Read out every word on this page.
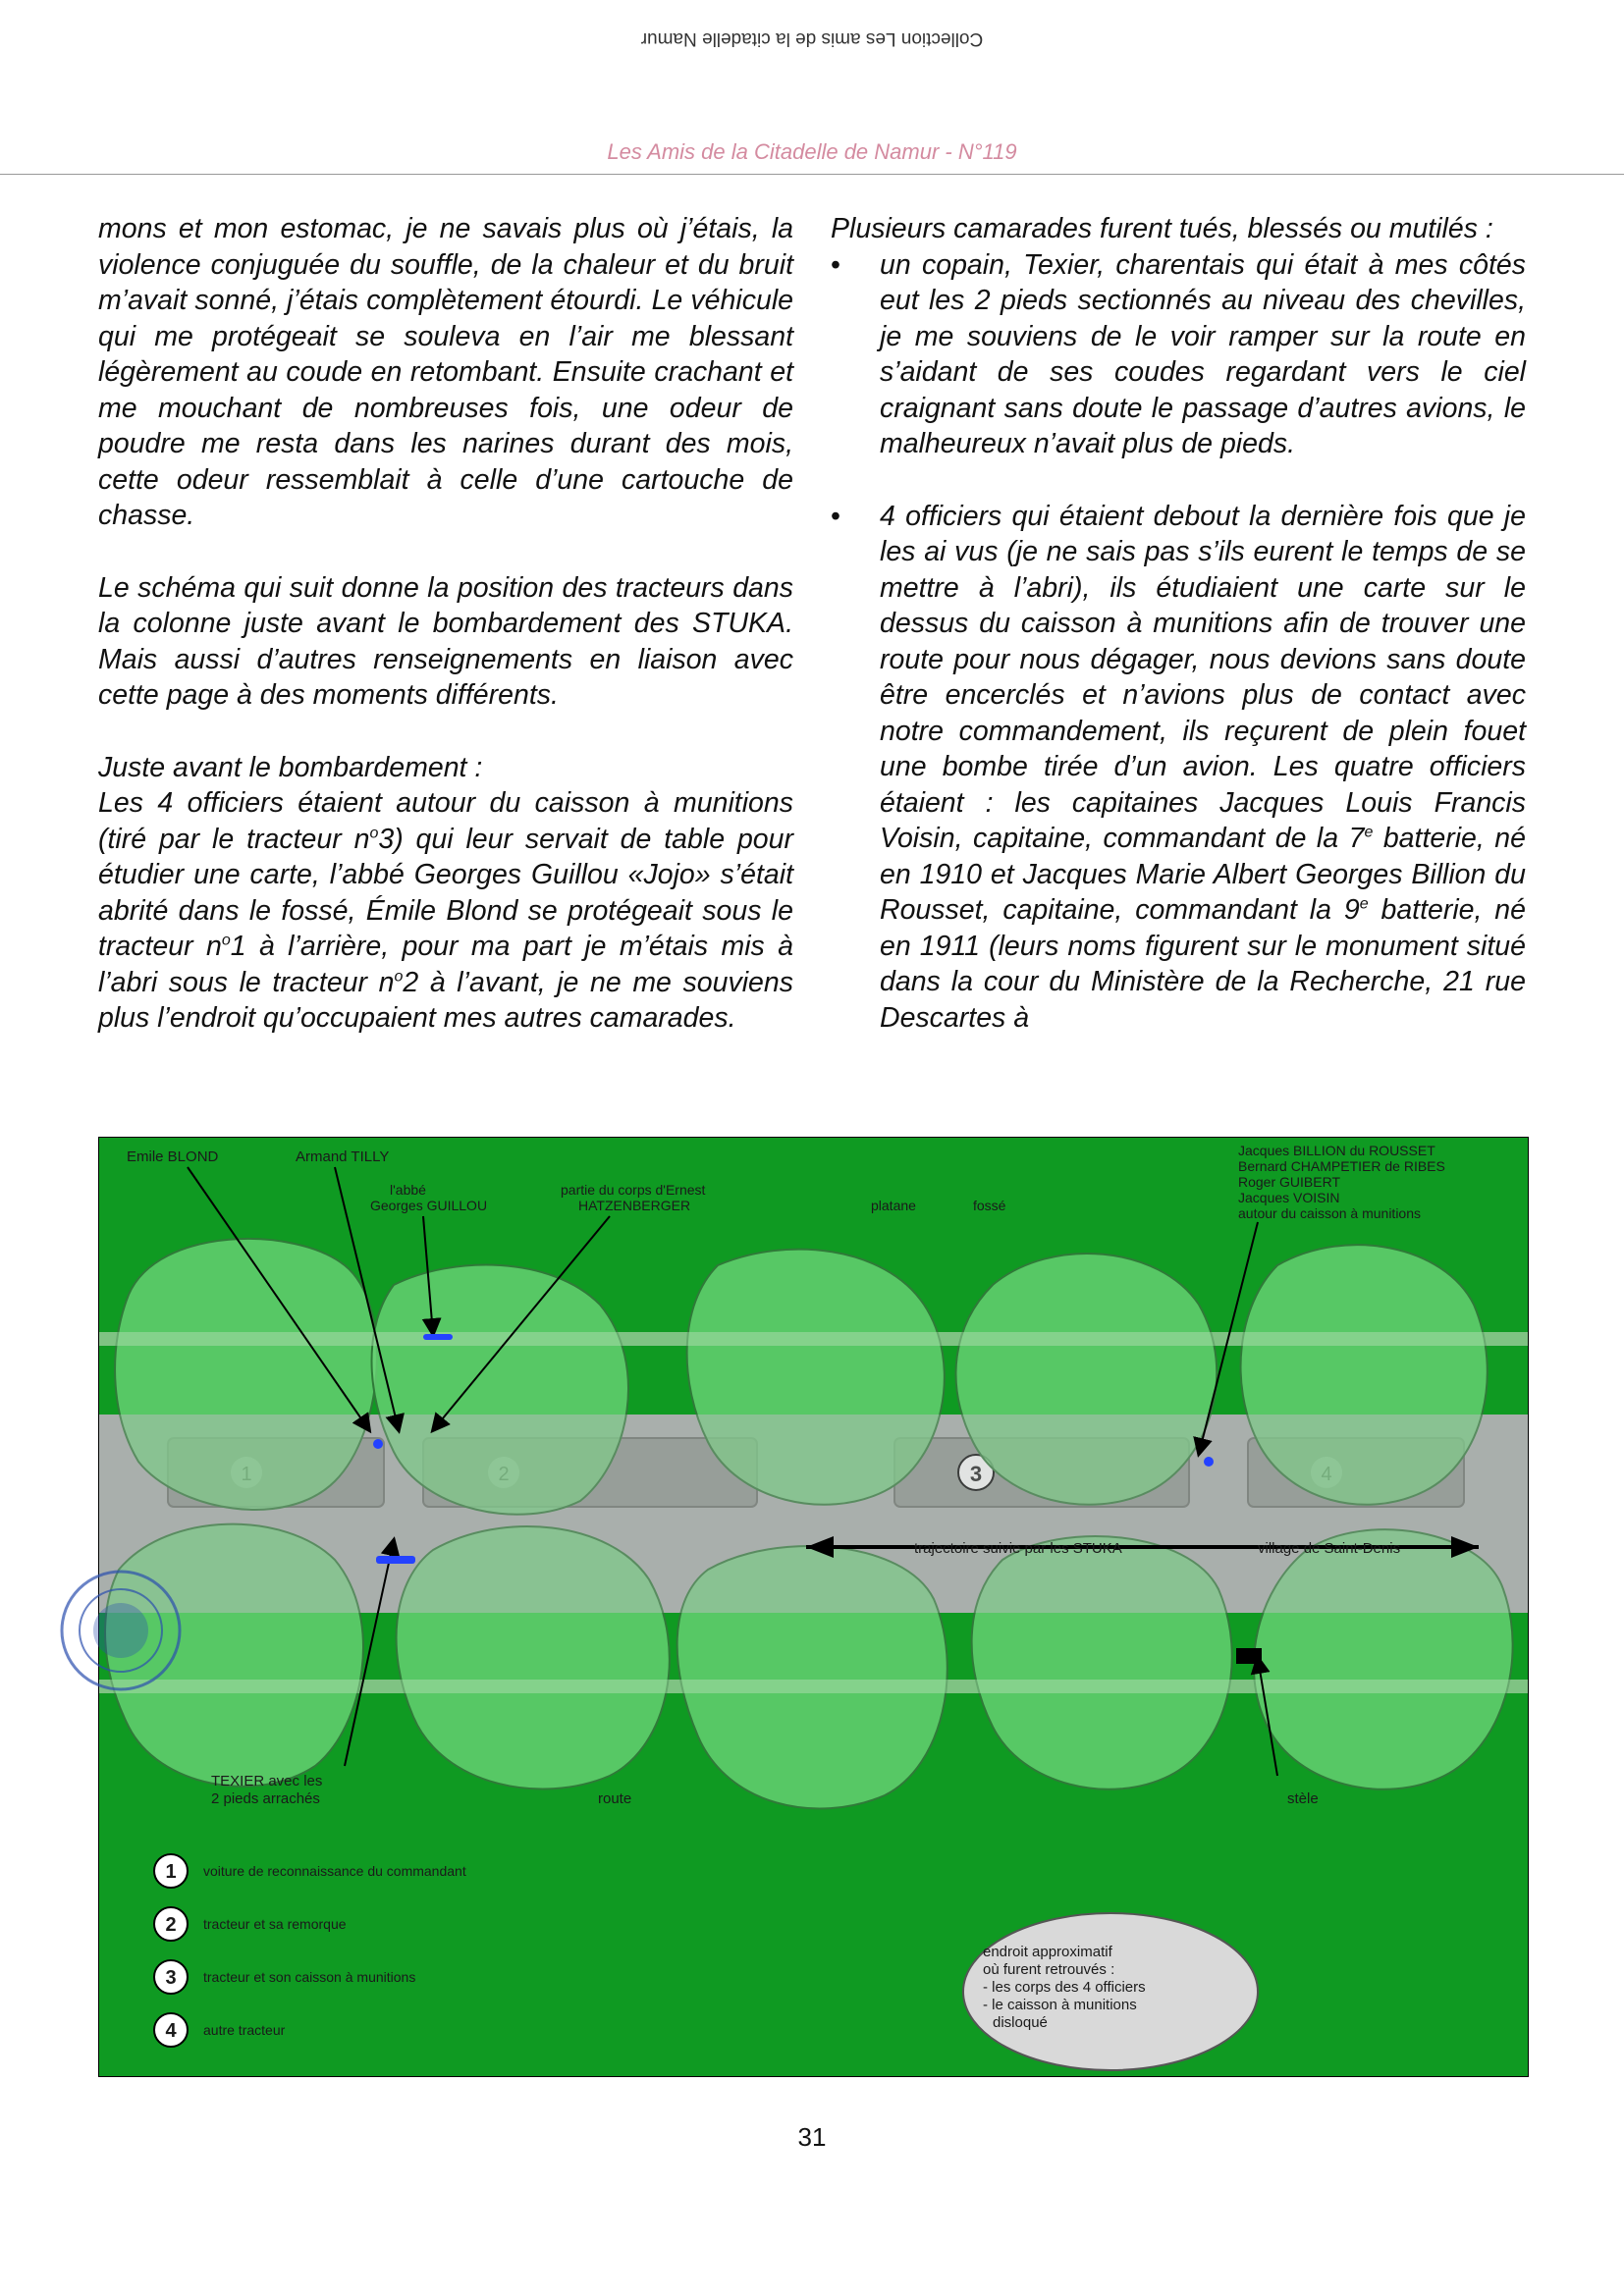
Collection Les amis de la citadelle Namur
Les Amis de la Citadelle de Namur - N°119

mons et mon estomac, je ne savais plus où j’étais, la violence conjuguée du souffle, de la chaleur et du bruit m’avait sonné, j’étais complètement étourdi. Le véhicule qui me protégeait se souleva en l’air me blessant légèrement au coude en retombant. Ensuite crachant et me mouchant de nombreuses fois, une odeur de poudre me resta dans les narines durant des mois, cette odeur ressemblait à celle d’une cartouche de chasse.

Le schéma qui suit donne la position des tracteurs dans la colonne juste avant le bombardement des STUKA. Mais aussi d’autres renseignements en liaison avec cette page à des moments différents.

Juste avant le bombardement :

Les 4 officiers étaient autour du caisson à munitions (tiré par le tracteur $n^o3$) qui leur servait de table pour étudier une carte, l’abbé Georges Guillou «Jojo» s’était abrité dans le fossé, Émile Blond se protégeait sous le tracteur $n^o1$ à l’arrière, pour ma part je m’étais mis à l’abri sous le tracteur $n^o2$ à l’avant, je ne me souviens plus l’endroit qu’occupaient mes autres camarades.

Plusieurs camarades furent tués, blessés ou mutilés :

• un copain, Texier, charentais qui était à mes côtés eut les 2 pieds sectionnés au niveau des chevilles, je me souviens de le voir ramper sur la route en s’aidant de ses coudes regardant vers le ciel craignant sans doute le passage d’autres avions, le malheureux n’avait plus de pieds.

• 4 officiers qui étaient debout la dernière fois que je les ai vus (je ne sais pas s’ils eurent le temps de se mettre à l’abri), ils étudiaient une carte sur le dessus du caisson à munitions afin de trouver une route pour nous dégager, nous devions sans doute être encerclés et n’avions plus de contact avec notre commandement, ils reçurent de plein fouet une bombe tirée d’un avion. Les quatre officiers étaient : les capitaines Jacques Louis Francis Voisin, capitaine, commandant de la 7e batterie, né en 1910 et Jacques Marie Albert Georges Billion du Rousset, capitaine, commandant la 9e batterie, né en 1911 (leurs noms figurent sur le monument situé dans la cour du Ministère de la Recherche, 21 rue Descartes à

3
Emile BLOND	Armand TILLY
l'abbé
Georges GUILLOU
partie du corps d'Ernest
HATZENBERGER	platane	fossé
Jacques BILLION du ROUSSET
Bernard CHAMPETIER de RIBES
Roger GUIBERT
Jacques VOISIN
autour du caisson à munitions
trajectoire suivie par les STUKA	village de Saint-Denis
TEXIER avec les
2 pieds arrachés	route	stèle
1 voiture de reconnaissance du commandant
2 tracteur et sa remorque
3 tracteur et son caisson à munitions
4 autre tracteur
endroit approximatif
où furent retrouvés :
- les corps des 4 officiers
- le caisson à munitions
disloqué
31
